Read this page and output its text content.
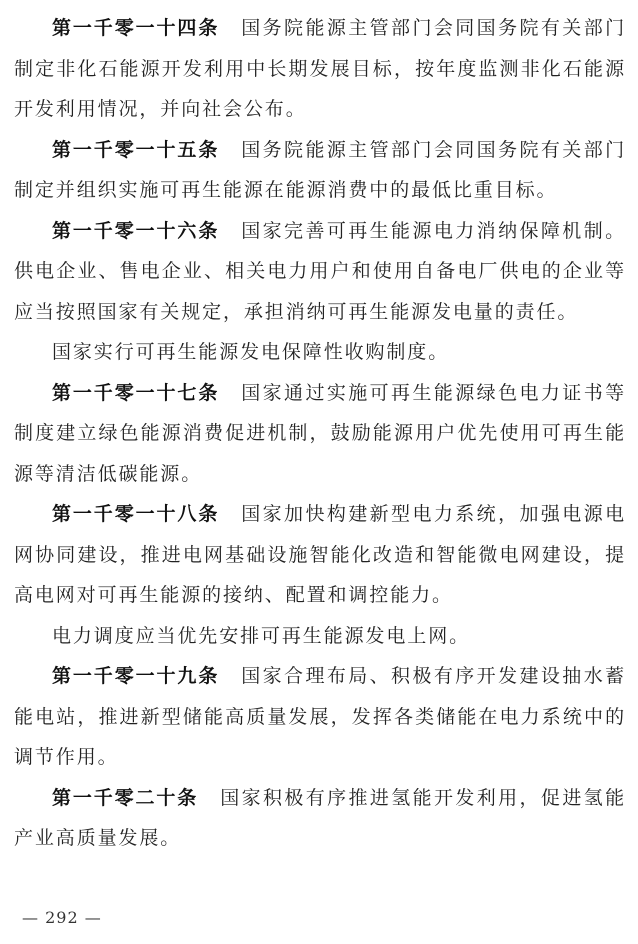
第一千零一十四条 国务院能源主管部门会同国务院有关部门制定非化石能源开发利用中长期发展目标，按年度监测非化石能源开发利用情况，并向社会公布。

第一千零一十五条 国务院能源主管部门会同国务院有关部门制定并组织实施可再生能源在能源消费中的最低比重目标。

第一千零一十六条 国家完善可再生能源电力消纳保障机制。供电企业、售电企业、相关电力用户和使用自备电厂供电的企业等应当按照国家有关规定，承担消纳可再生能源发电量的责任。

国家实行可再生能源发电保障性收购制度。

第一千零一十七条 国家通过实施可再生能源绿色电力证书等制度建立绿色能源消费促进机制，鼓励能源用户优先使用可再生能源等清洁低碳能源。

第一千零一十八条 国家加快构建新型电力系统，加强电源电网协同建设，推进电网基础设施智能化改造和智能微电网建设，提高电网对可再生能源的接纳、配置和调控能力。

电力调度应当优先安排可再生能源发电上网。

第一千零一十九条 国家合理布局、积极有序开发建设抽水蓄能电站，推进新型储能高质量发展，发挥各类储能在电力系统中的调节作用。

第一千零二十条 国家积极有序推进氢能开发利用，促进氢能产业高质量发展。

— 292 —
